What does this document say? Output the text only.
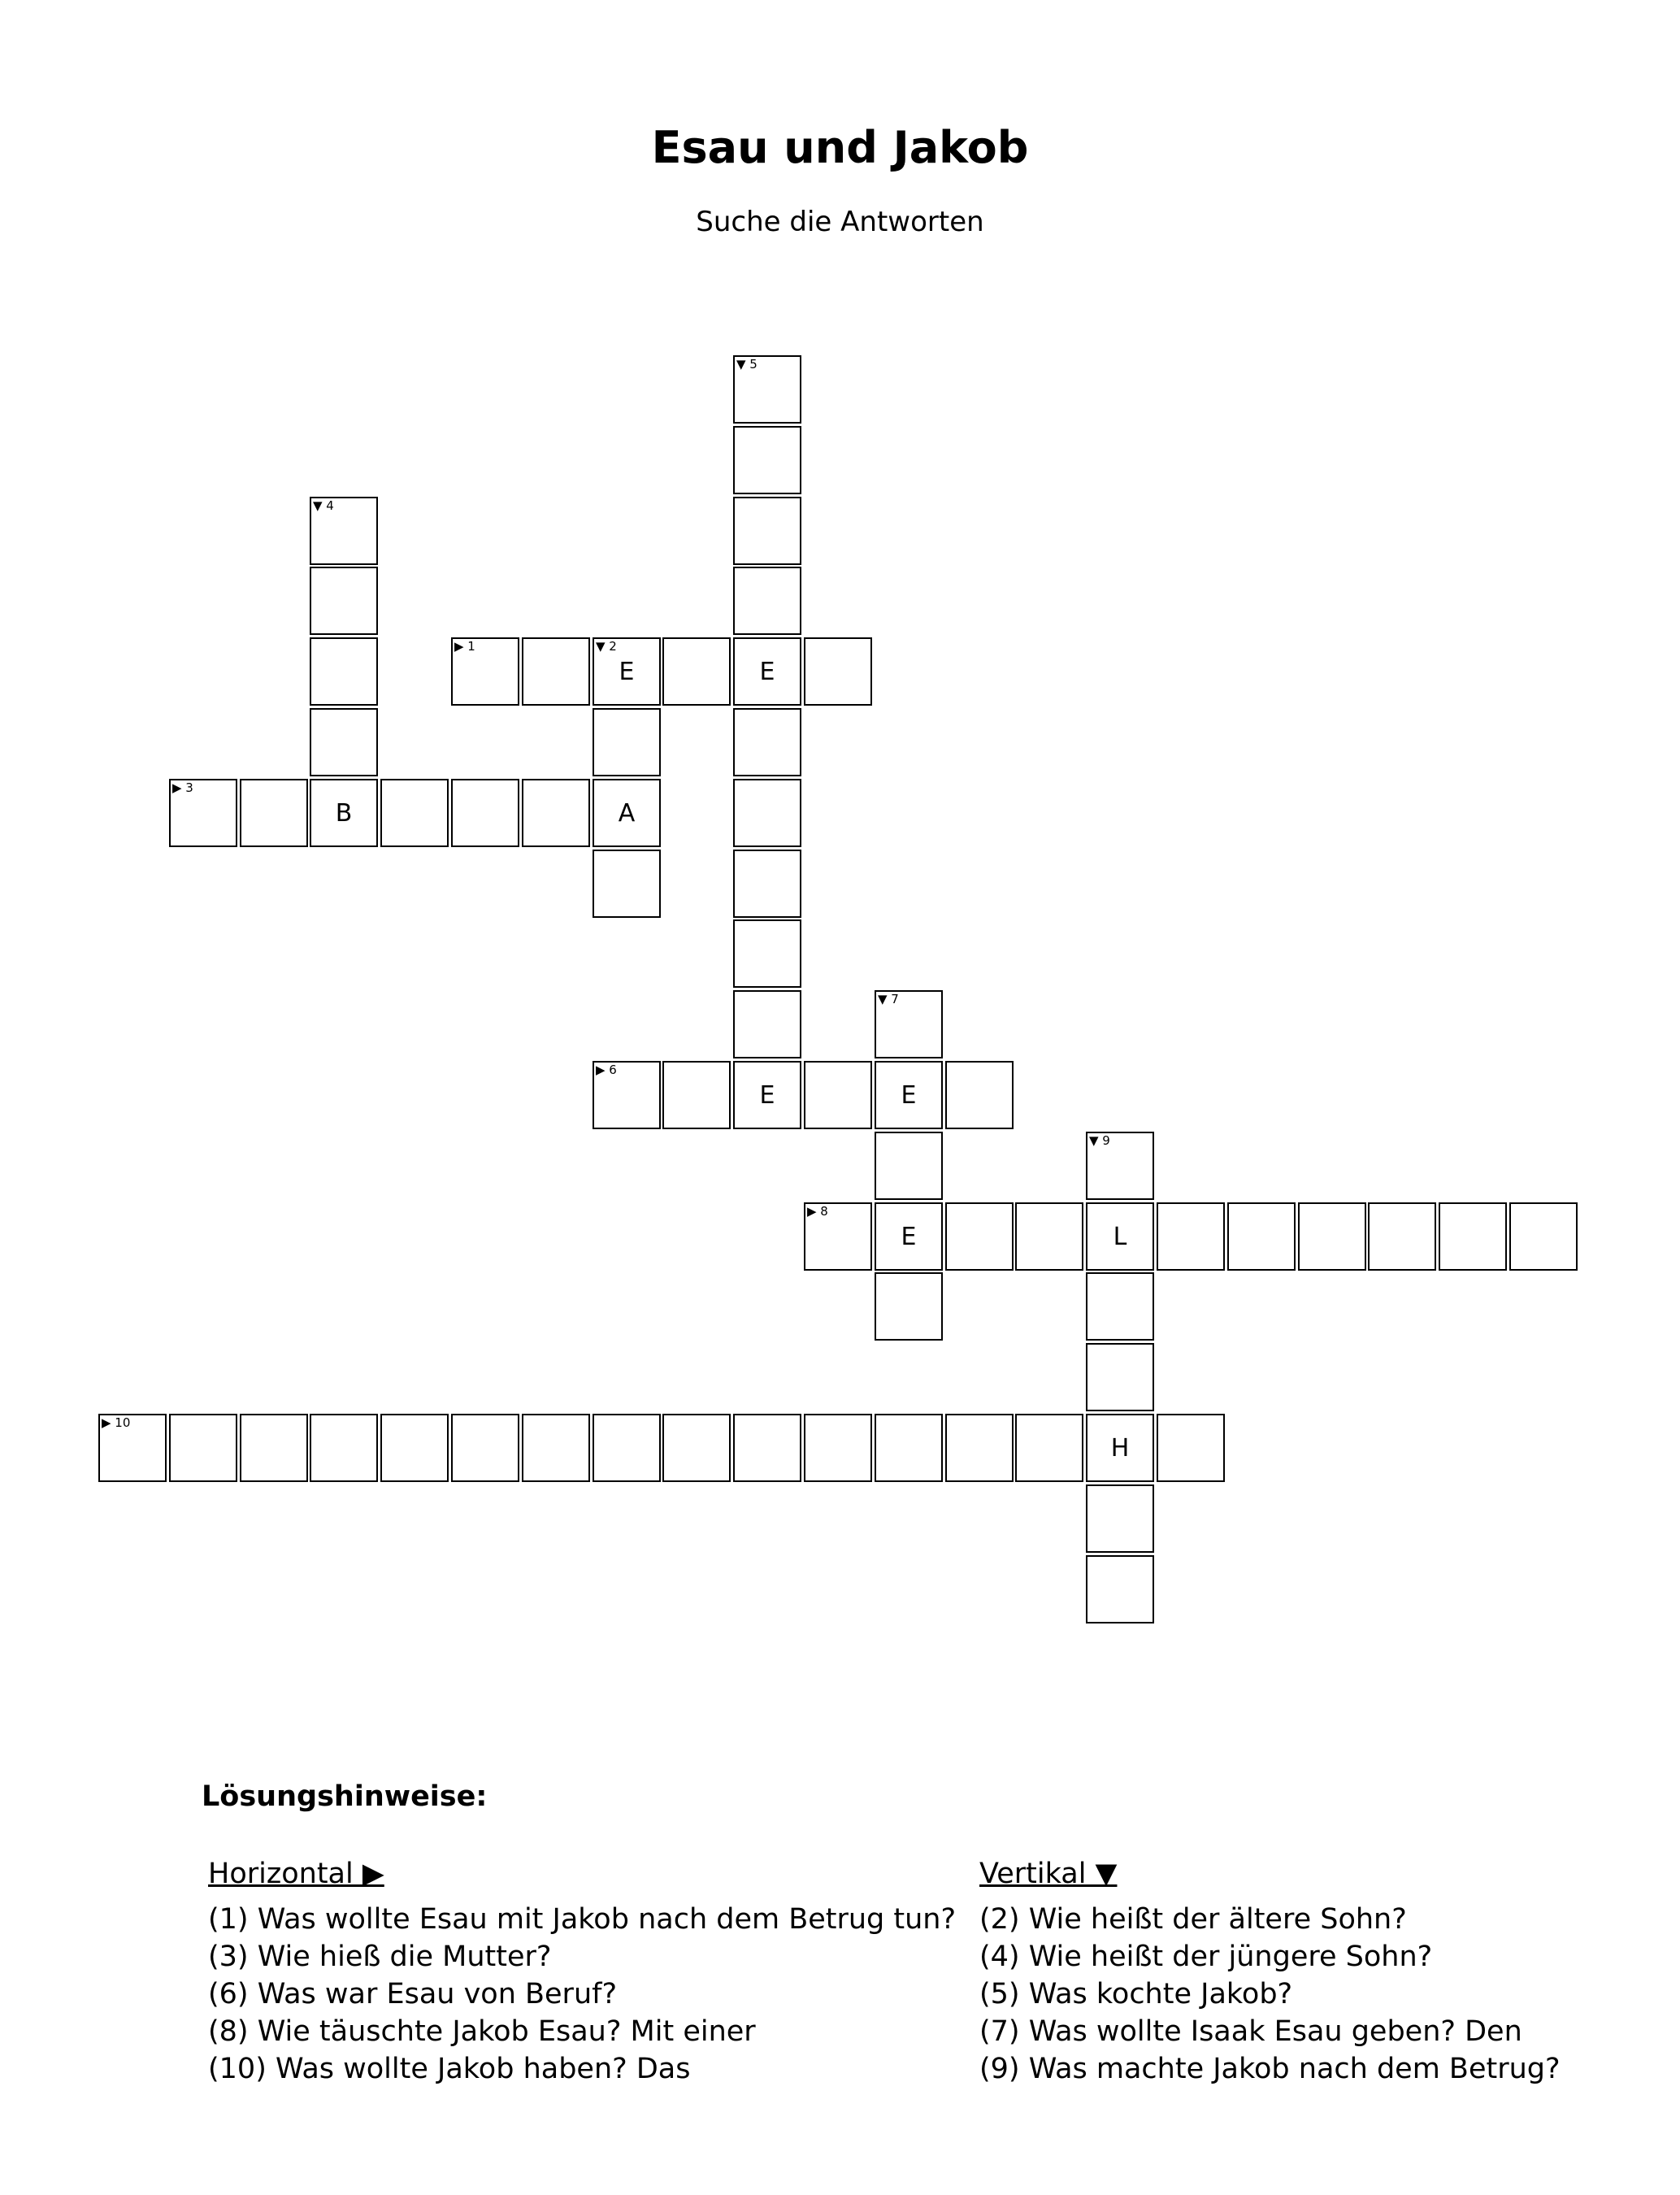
Esau und Jakob

Suche die Antworten

▼ 5
▼ 4
▶ 1	▼ 2
E	E
▶ 3
B	A
▼ 7
▶ 6
E	E
▼ 9
▶ 8
E	L
▶ 10
H
Lösungshinweise:
Horizontal ▶
(1) Was wollte Esau mit Jakob nach dem Betrug tun?
(3) Wie hieß die Mutter?
(6) Was war Esau von Beruf?
(8) Wie täuschte Jakob Esau? Mit einer
(10) Was wollte Jakob haben? Das
Vertikal ▼
(2) Wie heißt der ältere Sohn?
(4) Wie heißt der jüngere Sohn?
(5) Was kochte Jakob?
(7) Was wollte Isaak Esau geben? Den
(9) Was machte Jakob nach dem Betrug?
